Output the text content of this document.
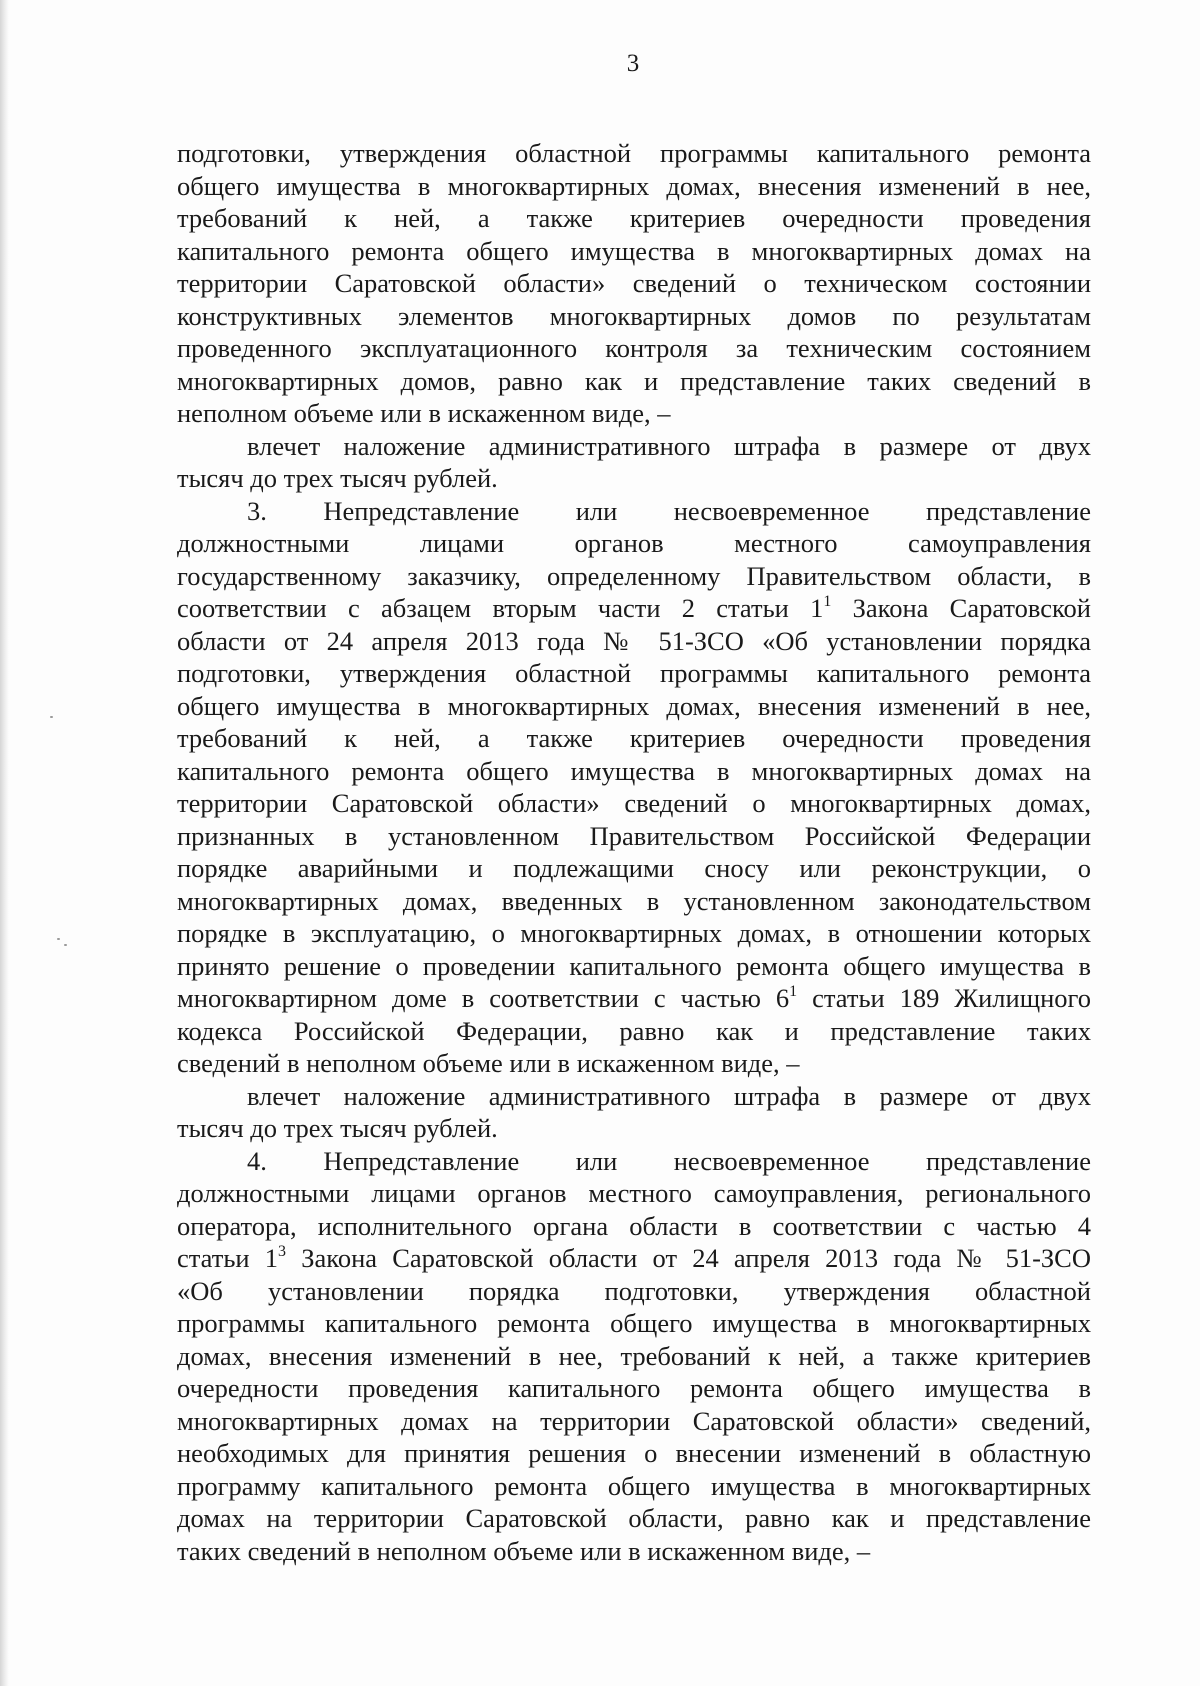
3
подготовки, утверждения областной программы капитального ремонта
общего имущества в многоквартирных домах, внесения изменений в нее,
требований к ней, а также критериев очередности проведения
капитального ремонта общего имущества в многоквартирных домах на
территории Саратовской области» сведений о техническом состоянии
конструктивных элементов многоквартирных домов по результатам
проведенного эксплуатационного контроля за техническим состоянием
многоквартирных домов, равно как и представление таких сведений в
неполном объеме или в искаженном виде, –
влечет наложение административного штрафа в размере от двух
тысяч до трех тысяч рублей.
3. Непредставление или несвоевременное представление
должностными лицами органов местного самоуправления
государственному заказчику, определенному Правительством области, в
соответствии с абзацем вторым части 2 статьи $1^1$ Закона Саратовской
области от 24 апреля 2013 года № 51-ЗСО «Об установлении порядка
подготовки, утверждения областной программы капитального ремонта
общего имущества в многоквартирных домах, внесения изменений в нее,
требований к ней, а также критериев очередности проведения
капитального ремонта общего имущества в многоквартирных домах на
территории Саратовской области» сведений о многоквартирных домах,
признанных в установленном Правительством Российской Федерации
порядке аварийными и подлежащими сносу или реконструкции, о
многоквартирных домах, введенных в установленном законодательством
порядке в эксплуатацию, о многоквартирных домах, в отношении которых
принято решение о проведении капитального ремонта общего имущества в
многоквартирном доме в соответствии с частью $6^1$ статьи 189 Жилищного
кодекса Российской Федерации, равно как и представление таких
сведений в неполном объеме или в искаженном виде, –
влечет наложение административного штрафа в размере от двух
тысяч до трех тысяч рублей.
4. Непредставление или несвоевременное представление
должностными лицами органов местного самоуправления, регионального
оператора, исполнительного органа области в соответствии с частью 4
статьи $1^3$ Закона Саратовской области от 24 апреля 2013 года № 51-ЗСО
«Об установлении порядка подготовки, утверждения областной
программы капитального ремонта общего имущества в многоквартирных
домах, внесения изменений в нее, требований к ней, а также критериев
очередности проведения капитального ремонта общего имущества в
многоквартирных домах на территории Саратовской области» сведений,
необходимых для принятия решения о внесении изменений в областную
программу капитального ремонта общего имущества в многоквартирных
домах на территории Саратовской области, равно как и представление
таких сведений в неполном объеме или в искаженном виде, –
